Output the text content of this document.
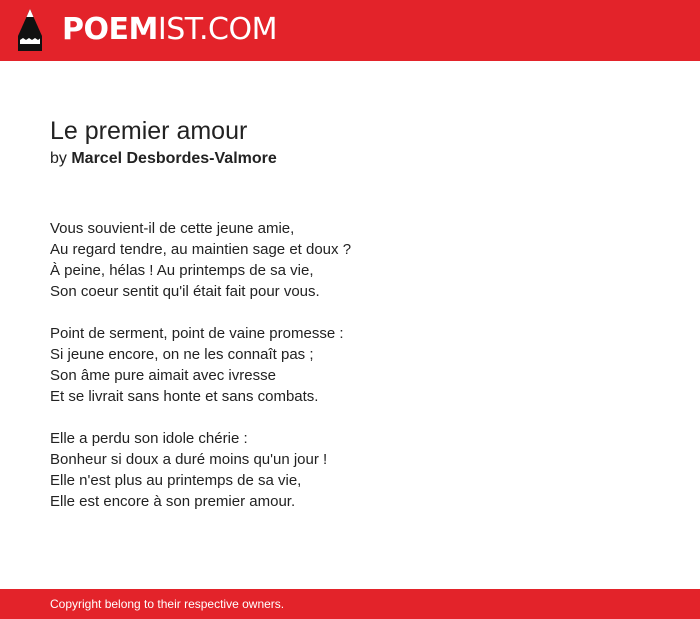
POEMIST.COM
Le premier amour
by Marcel Desbordes-Valmore
Vous souvient-il de cette jeune amie,
Au regard tendre, au maintien sage et doux ?
À peine, hélas ! Au printemps de sa vie,
Son coeur sentit qu'il était fait pour vous.
Point de serment, point de vaine promesse :
Si jeune encore, on ne les connaît pas ;
Son âme pure aimait avec ivresse
Et se livrait sans honte et sans combats.
Elle a perdu son idole chérie :
Bonheur si doux a duré moins qu'un jour !
Elle n'est plus au printemps de sa vie,
Elle est encore à son premier amour.
Copyright belong to their respective owners.
